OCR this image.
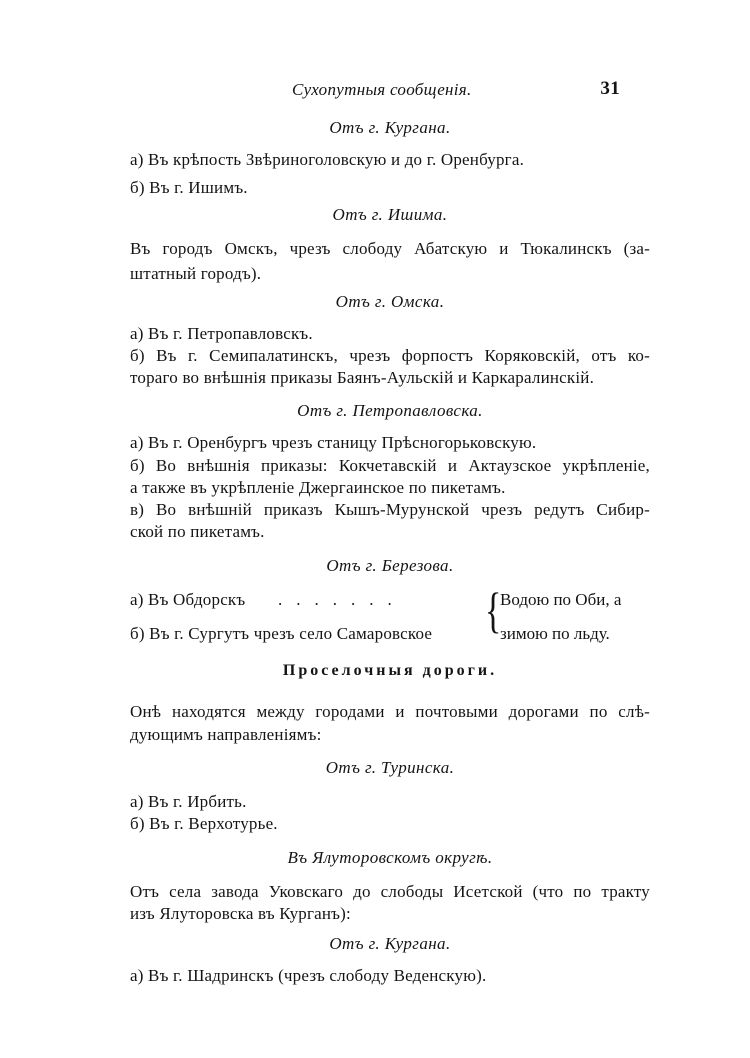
Сухопутныя сообщенія.	31
Отъ г. Кургана.
а) Въ крѣпость Звѣриноголовскую и до г. Оренбурга.
б) Въ г. Ишимъ.
Отъ г. Ишима.
Въ городъ Омскъ, чрезъ слободу Абатскую и Тюкалинскъ (за-
штатный городъ).
Отъ г. Омска.
а) Въ г. Петропавловскъ.
б) Въ г. Семипалатинскъ, чрезъ форпостъ Коряковскій, отъ ко-
тораго во внѣшнія приказы Баянъ-Аульскій и Каркаралинскій.
Отъ г. Петропавловска.
а) Въ г. Оренбургъ чрезъ станицу Прѣсногорьковскую.
б) Во внѣшнія приказы: Кокчетавскій и Актаузское укрѣпленіе,
а также въ укрѣпленіе Джергаинское по пикетамъ.
в) Во внѣшній приказъ Кышъ-Мурунской чрезъ редутъ Сибир-
ской по пикетамъ.
Отъ г. Березова.
а) Въ Обдорскъ	....... {
Водою по Оби, а
б) Въ г. Сургутъ чрезъ село Самаровское	зимою по льду.
Проселочныя дороги.
Онѣ находятся между городами и почтовыми дорогами по слѣ-
дующимъ направленіямъ:
Отъ г. Туринска.
а) Въ г. Ирбить.
б) Въ г. Верхотурье.
Въ Ялуторовскомъ округѣ.
Отъ села завода Уковскаго до слободы Исетской (что по тракту
изъ Ялуторовска въ Курганъ):
Отъ г. Кургана.
а) Въ г. Шадринскъ (чрезъ слободу Веденскую).
